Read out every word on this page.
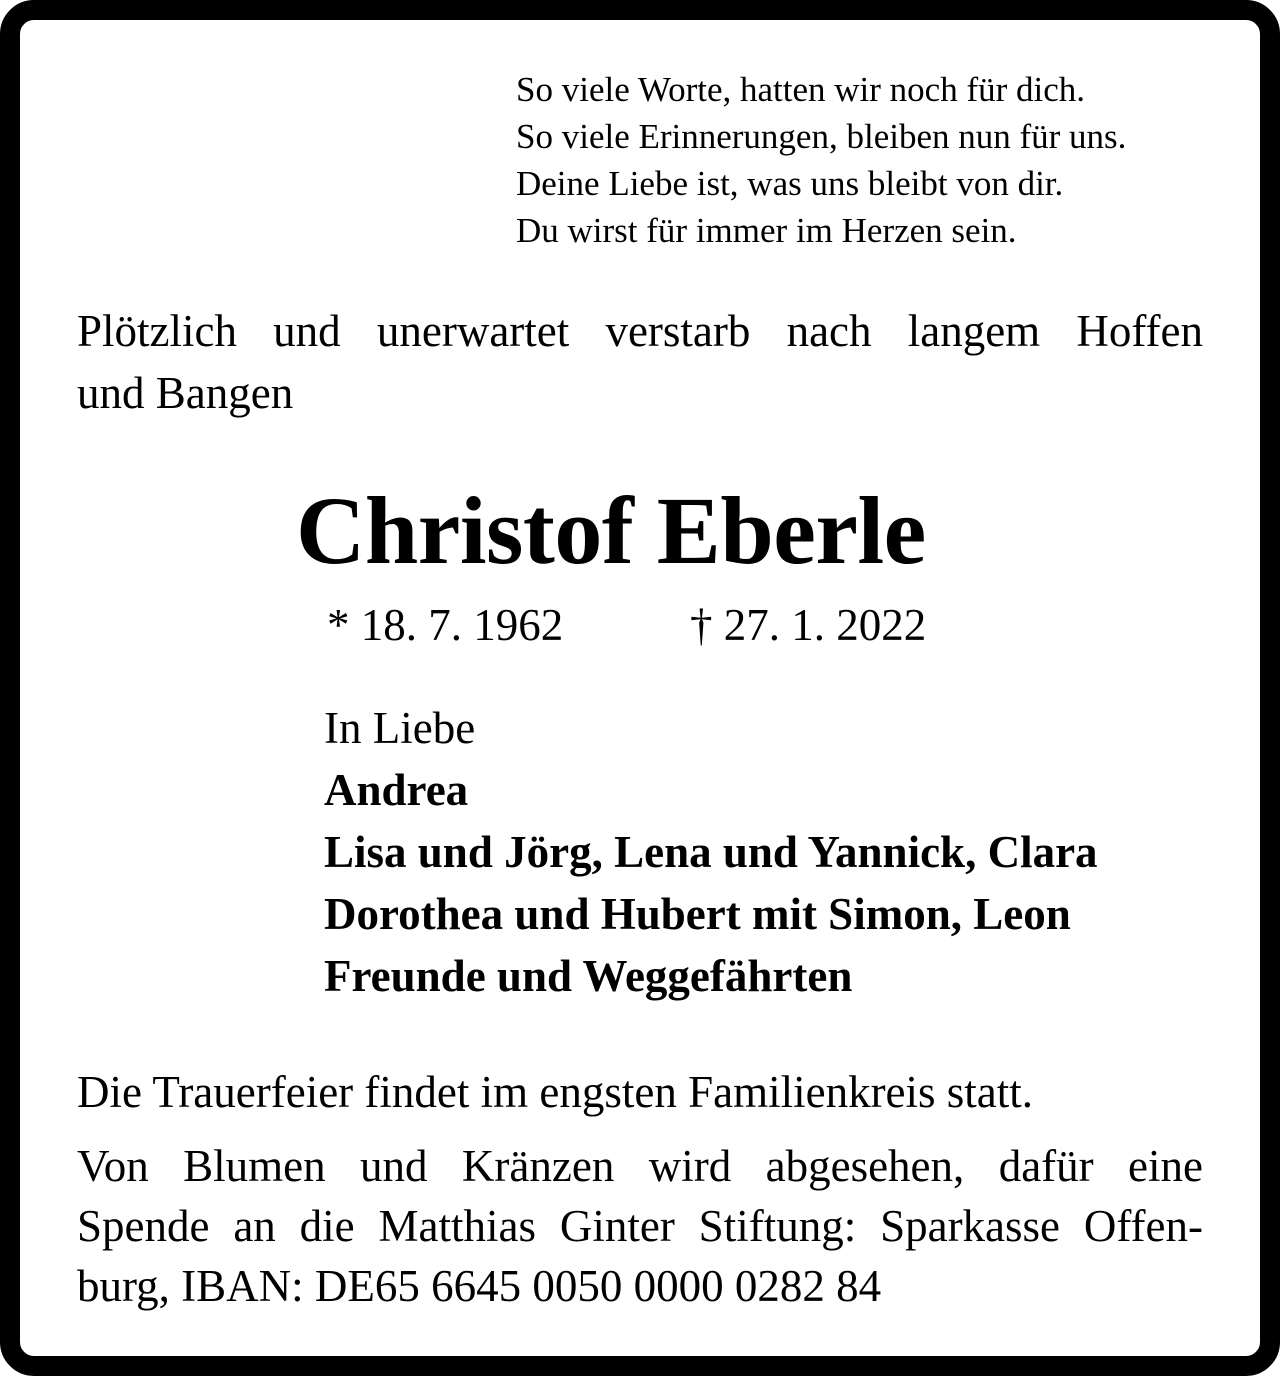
So viele Worte, hatten wir noch für dich.

So viele Erinnerungen, bleiben nun für uns.

Deine Liebe ist, was uns bleibt von dir.

Du wirst für immer im Herzen sein.

Plötzlich und unerwartet verstarb nach langem Hoffen

und Bangen

Christof Eberle

* 18. 7. 1962	† 27. 1. 2022

In Liebe

Andrea

Lisa und Jörg, Lena und Yannick, Clara

Dorothea und Hubert mit Simon, Leon

Freunde und Weggefährten

Die Trauerfeier findet im engsten Familienkreis statt.

Von Blumen und Kränzen wird abgesehen, dafür eine

Spende an die Matthias Ginter Stiftung: Sparkasse Offen-

burg, IBAN: DE65 6645 0050 0000 0282 84
